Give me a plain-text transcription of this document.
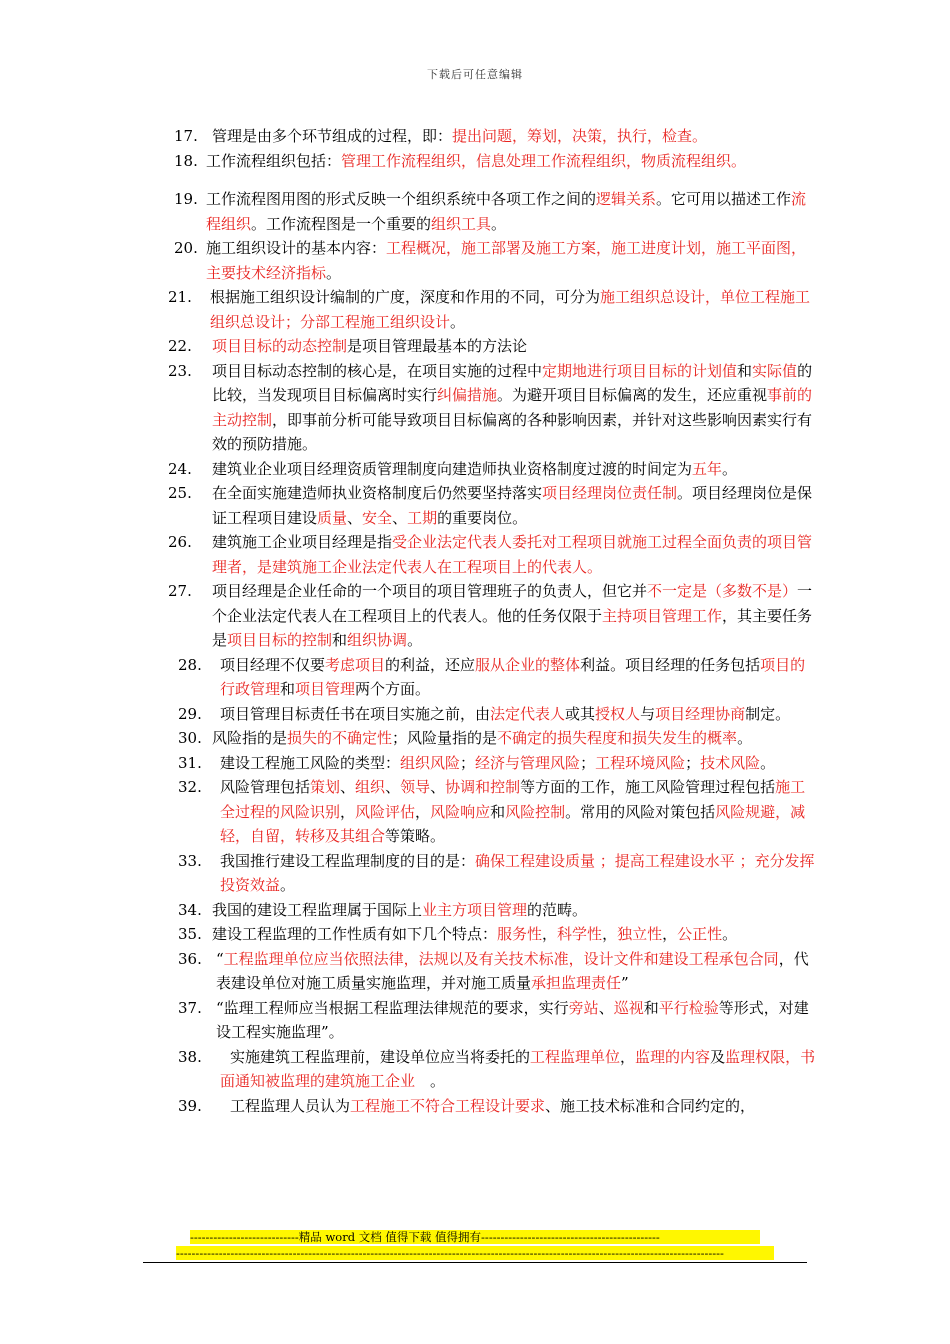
下载后可任意编辑
17. 管理是由多个环节组成的过程，即：提出问题，筹划，决策，执行，检查。
18. 工作流程组织包括：管理工作流程组织，信息处理工作流程组织，物质流程组织。
19. 工作流程图用图的形式反映一个组织系统中各项工作之间的逻辑关系。它可用以描述工作流程组织。工作流程图是一个重要的组织工具。
20. 施工组织设计的基本内容：工程概况，施工部署及施工方案，施工进度计划，施工平面图，主要技术经济指标。
21. 根据施工组织设计编制的广度，深度和作用的不同，可分为施工组织总设计，单位工程施工组织总设计；分部工程施工组织设计。
22. 项目目标的动态控制是项目管理最基本的方法论
23. 项目目标动态控制的核心是，在项目实施的过程中定期地进行项目目标的计划值和实际值的比较，当发现项目目标偏离时实行纠偏措施。为避开项目目标偏离的发生，还应重视事前的主动控制，即事前分析可能导致项目目标偏离的各种影响因素，并针对这些影响因素实行有效的预防措施。
24. 建筑业企业项目经理资质管理制度向建造师执业资格制度过渡的时间定为五年。
25. 在全面实施建造师执业资格制度后仍然要坚持落实项目经理岗位责任制。项目经理岗位是保证工程项目建设质量、安全、工期的重要岗位。
26. 建筑施工企业项目经理是指受企业法定代表人委托对工程项目就施工过程全面负责的项目管理者，是建筑施工企业法定代表人在工程项目上的代表人。
27. 项目经理是企业任命的一个项目的项目管理班子的负责人，但它并不一定是（多数不是）一个企业法定代表人在工程项目上的代表人。他的任务仅限于主持项目管理工作，其主要任务是项目目标的控制和组织协调。
28. 项目经理不仅要考虑项目的利益，还应服从企业的整体利益。项目经理的任务包括项目的行政管理和项目管理两个方面。
29. 项目管理目标责任书在项目实施之前，由法定代表人或其授权人与项目经理协商制定。
30. 风险指的是损失的不确定性；风险量指的是不确定的损失程度和损失发生的概率。
31. 建设工程施工风险的类型：组织风险；经济与管理风险；工程环境风险；技术风险。
32. 风险管理包括策划、组织、领导、协调和控制等方面的工作，施工风险管理过程包括施工全过程的风险识别，风险评估，风险响应和风险控制。常用的风险对策包括风险规避，减轻，自留，转移及其组合等策略。
33. 我国推行建设工程监理制度的目的是：确保工程建设质量 ；提高工程建设水平 ；充分发挥投资效益。
34. 我国的建设工程监理属于国际上业主方项目管理的范畴。
35. 建设工程监理的工作性质有如下几个特点：服务性，科学性，独立性，公正性。
36. “工程监理单位应当依照法律，法规以及有关技术标准，设计文件和建设工程承包合同，代表建设单位对施工质量实施监理，并对施工质量承担监理责任”
37. “监理工程师应当根据工程监理法律规范的要求，实行旁站、巡视和平行检验等形式，对建设工程实施监理”。
38. 实施建筑工程监理前，建设单位应当将委托的工程监理单位，监理的内容及监理权限，书面通知被监理的建筑施工企业　。
39. 工程监理人员认为工程施工不符合工程设计要求、施工技术标准和合同约定的，
----------------------------精品 word 文档 值得下载 值得拥有----------------------------------------------
---------------------------------------------------------------------------------------------------------------------------------------------
